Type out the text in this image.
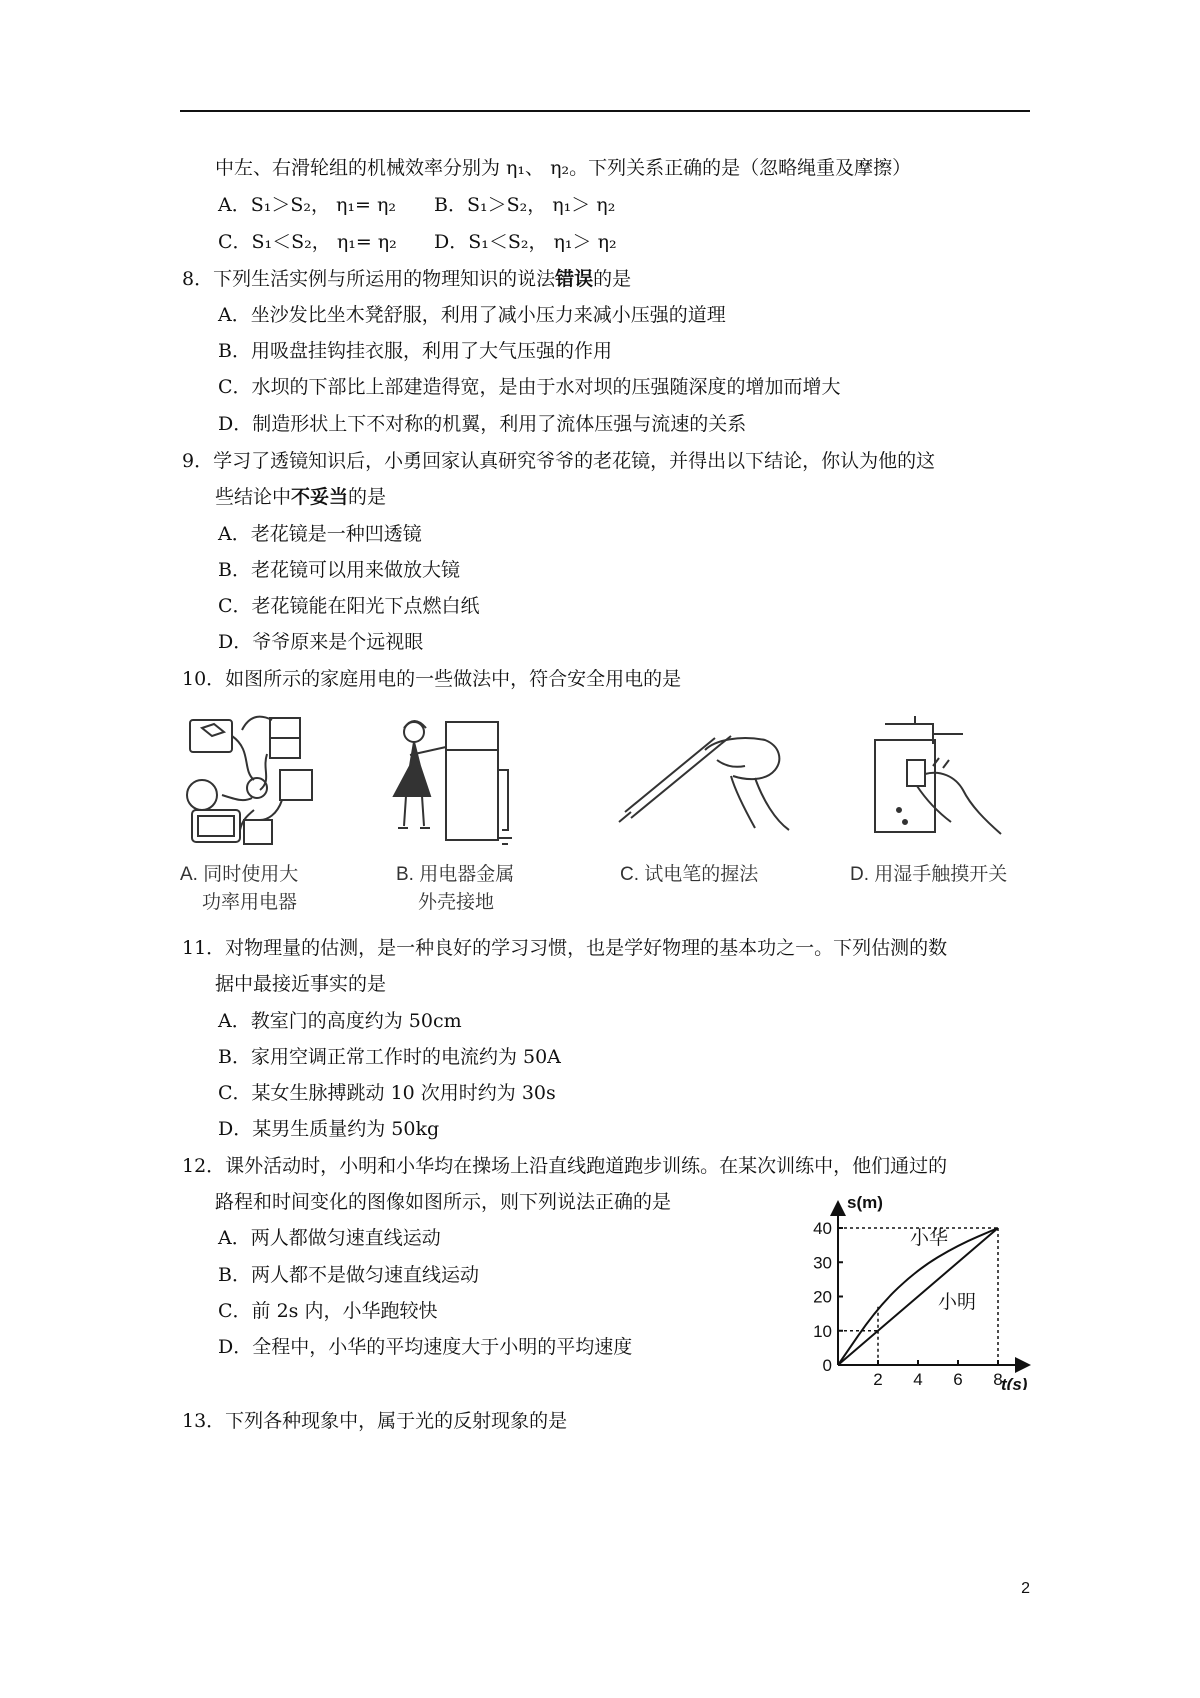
中左、右滑轮组的机械效率分别为 η₁、 η₂。下列关系正确的是（忽略绳重及摩擦）
A．S₁＞S₂， η₁= η₂ B．S₁＞S₂， η₁＞ η₂
C．S₁＜S₂， η₁= η₂ D．S₁＜S₂， η₁＞ η₂
8．下列生活实例与所运用的物理知识的说法错误的是
A．坐沙发比坐木凳舒服，利用了减小压力来减小压强的道理
B．用吸盘挂钩挂衣服，利用了大气压强的作用
C．水坝的下部比上部建造得宽，是由于水对坝的压强随深度的增加而增大
D．制造形状上下不对称的机翼，利用了流体压强与流速的关系
9．学习了透镜知识后，小勇回家认真研究爷爷的老花镜，并得出以下结论，你认为他的这
些结论中不妥当的是
A．老花镜是一种凹透镜
B．老花镜可以用来做放大镜
C．老花镜能在阳光下点燃白纸
D．爷爷原来是个远视眼
10．如图所示的家庭用电的一些做法中，符合安全用电的是
A. 同时使用大
功率用电器
B. 用电器金属
外壳接地
C. 试电笔的握法	D. 用湿手触摸开关
11．对物理量的估测，是一种良好的学习习惯，也是学好物理的基本功之一。下列估测的数
据中最接近事实的是
A．教室门的高度约为 50cm
B．家用空调正常工作时的电流约为 50A
C．某女生脉搏跳动 10 次用时约为 30s
D．某男生质量约为 50kg
12．课外活动时，小明和小华均在操场上沿直线跑道跑步训练。在某次训练中，他们通过的
路程和时间变化的图像如图所示，则下列说法正确的是
A．两人都做匀速直线运动
B．两人都不是做匀速直线运动
C．前 2s 内，小华跑较快
D．全程中，小华的平均速度大于小明的平均速度
s(m)
t(s)
2 4 6 8
0
10
20
30
40	小华
小明
13．下列各种现象中，属于光的反射现象的是
2
